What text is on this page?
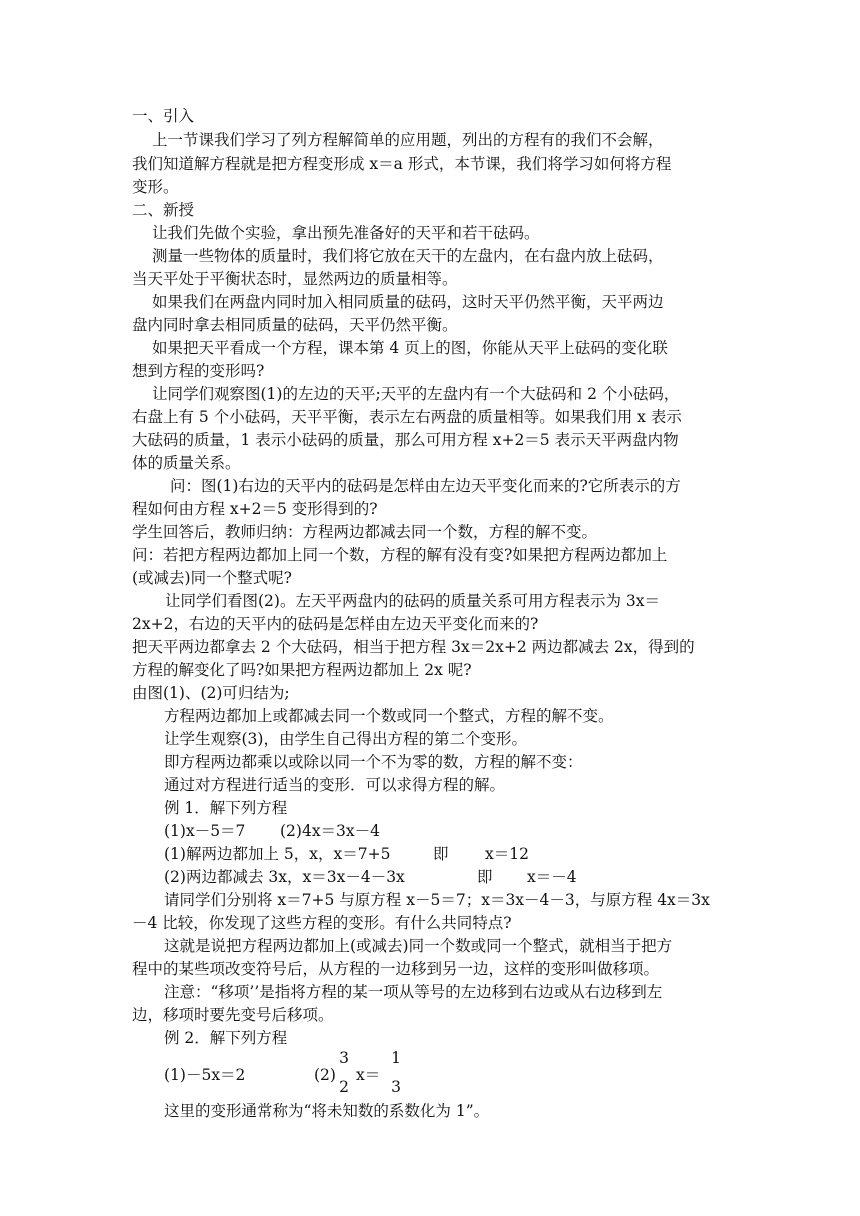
一、引入
上一节课我们学习了列方程解简单的应用题，列出的方程有的我们不会解，
我们知道解方程就是把方程变形成 x＝a 形式，本节课，我们将学习如何将方程
变形。
二、新授
让我们先做个实验，拿出预先准备好的天平和若干砝码。
测量一些物体的质量时，我们将它放在天干的左盘内，在右盘内放上砝码，
当天平处于平衡状态时，显然两边的质量相等。
如果我们在两盘内同时加入相同质量的砝码，这时天平仍然平衡，天平两边
盘内同时拿去相同质量的砝码，天平仍然平衡。
如果把天平看成一个方程，课本第 4 页上的图，你能从天平上砝码的变化联
想到方程的变形吗?
让同学们观察图(1)的左边的天平;天平的左盘内有一个大砝码和 2 个小砝码，
右盘上有 5 个小砝码，天平平衡，表示左右两盘的质量相等。如果我们用 x 表示
大砝码的质量，1 表示小砝码的质量，那么可用方程 x+2＝5 表示天平两盘内物
体的质量关系。
问：图(1)右边的天平内的砝码是怎样由左边天平变化而来的?它所表示的方
程如何由方程 x+2＝5 变形得到的?
学生回答后，教师归纳：方程两边都减去同一个数，方程的解不变。
问：若把方程两边都加上同一个数，方程的解有没有变?如果把方程两边都加上
(或减去)同一个整式呢?
让同学们看图(2)。左天平两盘内的砝码的质量关系可用方程表示为 3x＝
2x+2，右边的天平内的砝码是怎样由左边天平变化而来的?
把天平两边都拿去 2 个大砝码，相当于把方程 3x＝2x+2 两边都减去 2x，得到的
方程的解变化了吗?如果把方程两边都加上 2x 呢?
由图(1)、(2)可归结为;
方程两边都加上或都减去同一个数或同一个整式，方程的解不变。
让学生观察(3)，由学生自己得出方程的第二个变形。
即方程两边都乘以或除以同一个不为零的数，方程的解不变：
通过对方程进行适当的变形．可以求得方程的解。
例 1．解下列方程
(1)x－5＝7 (2)4x＝3x－4
(1)解两边都加上 5，x，x＝7+5	即 x＝12
(2)两边都减去 3x，x＝3x－4－3x	即 x＝－4
请同学们分别将 x＝7+5 与原方程 x－5＝7；x＝3x－4－3，与原方程 4x＝3x
－4 比较，你发现了这些方程的变形。有什么共同特点?
这就是说把方程两边都加上(或减去)同一个数或同一个整式，就相当于把方
程中的某些项改变符号后，从方程的一边移到另一边，这样的变形叫做移项。
注意：“移项’’是指将方程的某一项从等号的左边移到右边或从右边移到左
边，移项时要先变号后移项。
例 2．解下列方程
(1)－5x＝2	(2)
3
2
x＝
1
3
这里的变形通常称为“将未知数的系数化为 1”。
